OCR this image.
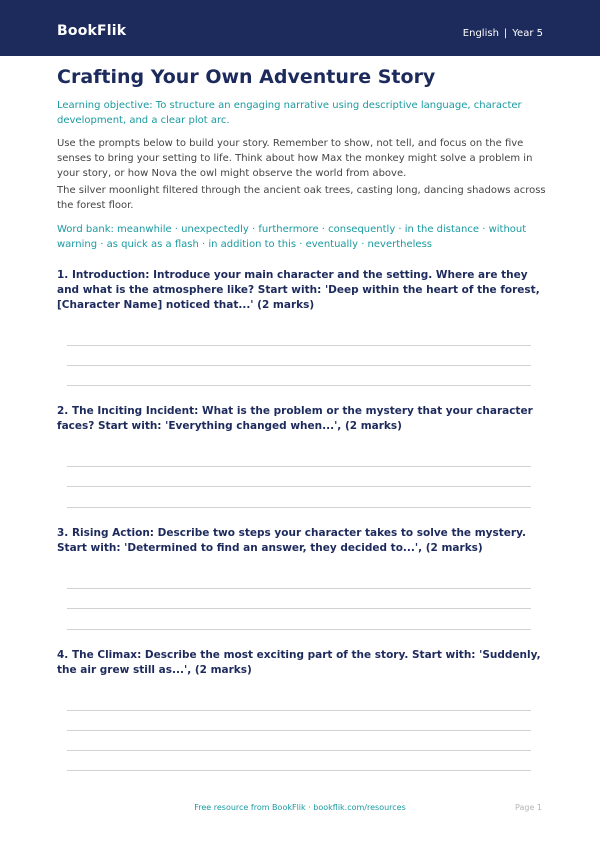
BookFlik	English | Year 5
Crafting Your Own Adventure Story
Learning objective: To structure an engaging narrative using descriptive language, character development, and a clear plot arc.
Use the prompts below to build your story. Remember to show, not tell, and focus on the five senses to bring your setting to life. Think about how Max the monkey might solve a problem in your story, or how Nova the owl might observe the world from above.
The silver moonlight filtered through the ancient oak trees, casting long, dancing shadows across the forest floor.
Word bank: meanwhile · unexpectedly · furthermore · consequently · in the distance · without warning · as quick as a flash · in addition to this · eventually · nevertheless
1. Introduction: Introduce your main character and the setting. Where are they and what is the atmosphere like? Start with: 'Deep within the heart of the forest, [Character Name] noticed that...' (2 marks)
2. The Inciting Incident: What is the problem or the mystery that your character faces? Start with: 'Everything changed when...', (2 marks)
3. Rising Action: Describe two steps your character takes to solve the mystery. Start with: 'Determined to find an answer, they decided to...', (2 marks)
4. The Climax: Describe the most exciting part of the story. Start with: 'Suddenly, the air grew still as...', (2 marks)
Free resource from BookFlik · bookflik.com/resources	Page 1
